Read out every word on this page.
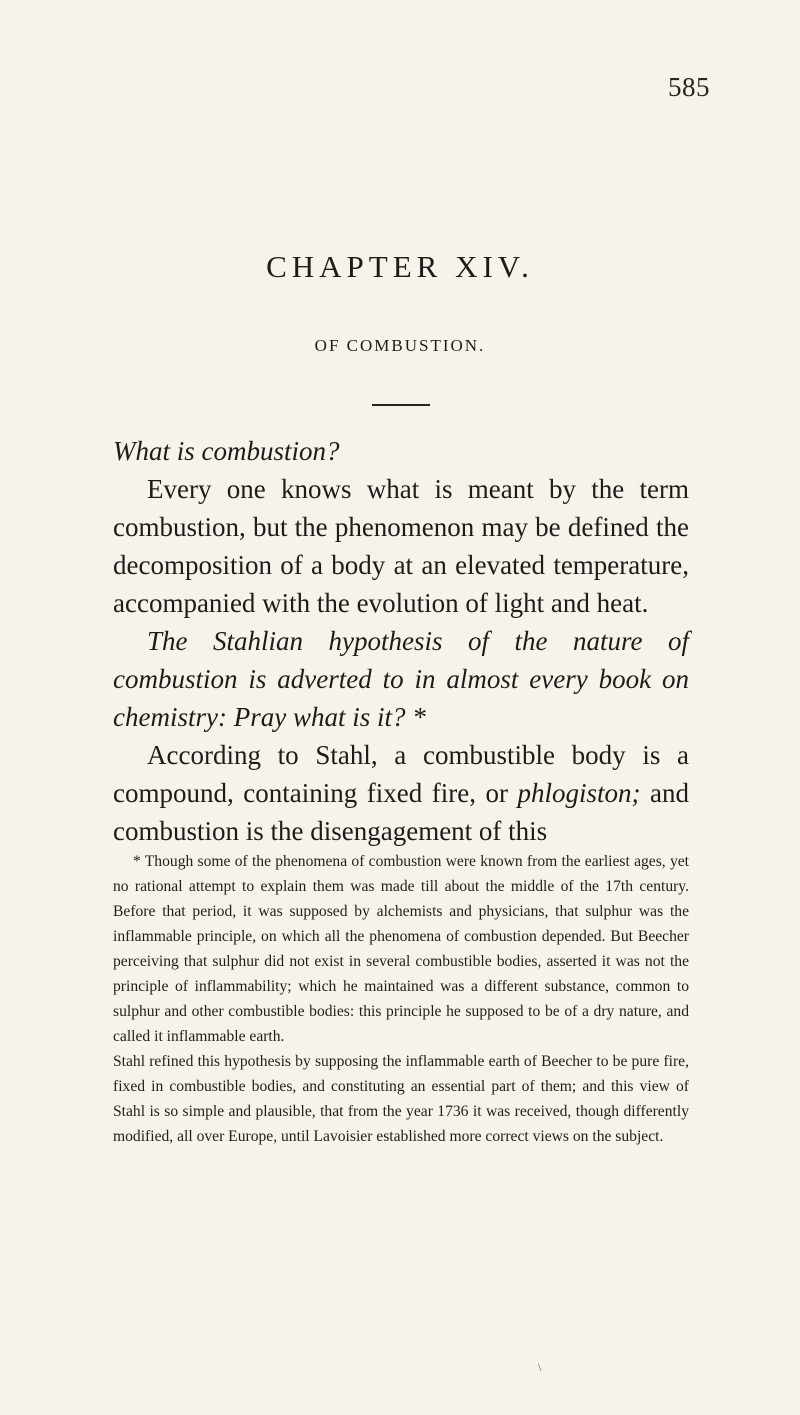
585
CHAPTER XIV.
OF COMBUSTION.

What is combustion?

Every one knows what is meant by the term combustion, but the phenomenon may be defined the decomposition of a body at an elevated temperature, accompanied with the evolution of light and heat.

The Stahlian hypothesis of the nature of combustion is adverted to in almost every book on chemistry: Pray what is it? *

According to Stahl, a combustible body is a compound, containing fixed fire, or phlogiston; and combustion is the disengagement of this

* Though some of the phenomena of combustion were known from the earliest ages, yet no rational attempt to explain them was made till about the middle of the 17th century. Before that period, it was supposed by alchemists and physicians, that sulphur was the inflammable principle, on which all the phenomena of combustion depended. But Beecher perceiving that sulphur did not exist in several combustible bodies, asserted it was not the principle of inflammability; which he maintained was a different substance, common to sulphur and other combustible bodies: this principle he supposed to be of a dry nature, and called it inflammable earth.

Stahl refined this hypothesis by supposing the inflammable earth of Beecher to be pure fire, fixed in combustible bodies, and constituting an essential part of them; and this view of Stahl is so simple and plausible, that from the year 1736 it was received, though differently modified, all over Europe, until Lavoisier established more correct views on the subject.

\
